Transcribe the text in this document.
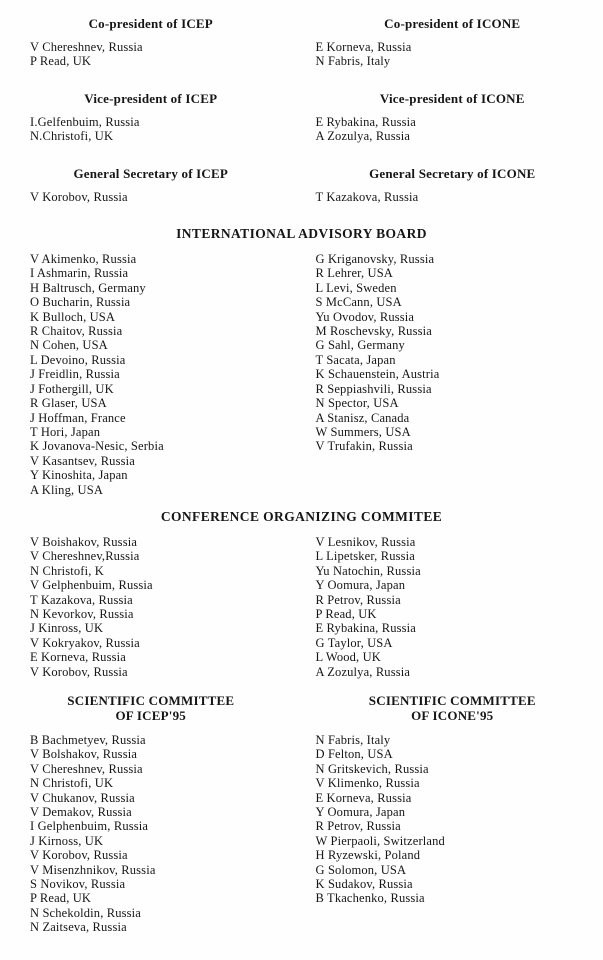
Co-president of ICEP
V Chereshnev, Russia
P Read, UK
Co-president of ICONE
E Korneva, Russia
N Fabris, Italy
Vice-president of ICEP
I.Gelfenbuim, Russia
N.Christofi, UK
Vice-president of ICONE
E Rybakina, Russia
A Zozulya, Russia
General Secretary of ICEP
V Korobov, Russia
General Secretary of ICONE
T Kazakova, Russia
INTERNATIONAL ADVISORY BOARD
V Akimenko, Russia
I Ashmarin, Russia
H Baltrusch, Germany
O Bucharin, Russia
K Bulloch, USA
R Chaitov, Russia
N Cohen, USA
L Devoino, Russia
J Freidlin, Russia
J Fothergill, UK
R Glaser, USA
J Hoffman, France
T Hori, Japan
K Jovanova-Nesic, Serbia
V Kasantsev, Russia
Y Kinoshita, Japan
A Kling, USA
G Kriganovsky, Russia
R Lehrer, USA
L Levi, Sweden
S McCann, USA
Yu Ovodov, Russia
M Roschevsky, Russia
G Sahl, Germany
T Sacata, Japan
K Schauenstein, Austria
R Seppiashvili, Russia
N Spector, USA
A Stanisz, Canada
W Summers, USA
V Trufakin, Russia
CONFERENCE ORGANIZING COMMITEE
V Boishakov, Russia
V Chereshnev,Russia
N Christofi, K
V Gelphenbuim, Russia
T Kazakova, Russia
N Kevorkov, Russia
J Kinross, UK
V Kokryakov, Russia
E Korneva, Russia
V Korobov, Russia
V Lesnikov, Russia
L Lipetsker, Russia
Yu Natochin, Russia
Y Oomura, Japan
R Petrov, Russia
P Read, UK
E Rybakina, Russia
G Taylor, USA
L Wood, UK
A Zozulya, Russia
SCIENTIFIC COMMITTEE
OF ICEP'95
B Bachmetyev, Russia
V Bolshakov, Russia
V Chereshnev, Russia
N Christofi, UK
V Chukanov, Russia
V Demakov, Russia
I Gelphenbuim, Russia
J Kirnoss, UK
V Korobov, Russia
V Misenzhnikov, Russia
S Novikov, Russia
P Read, UK
N Schekoldin, Russia
N Zaitseva, Russia
SCIENTIFIC COMMITTEE
OF ICONE'95
N Fabris, Italy
D Felton, USA
N Gritskevich, Russia
V Klimenko, Russia
E Korneva, Russia
Y Oomura, Japan
R Petrov, Russia
W Pierpaoli, Switzerland
H Ryzewski, Poland
G Solomon, USA
K Sudakov, Russia
B Tkachenko, Russia
